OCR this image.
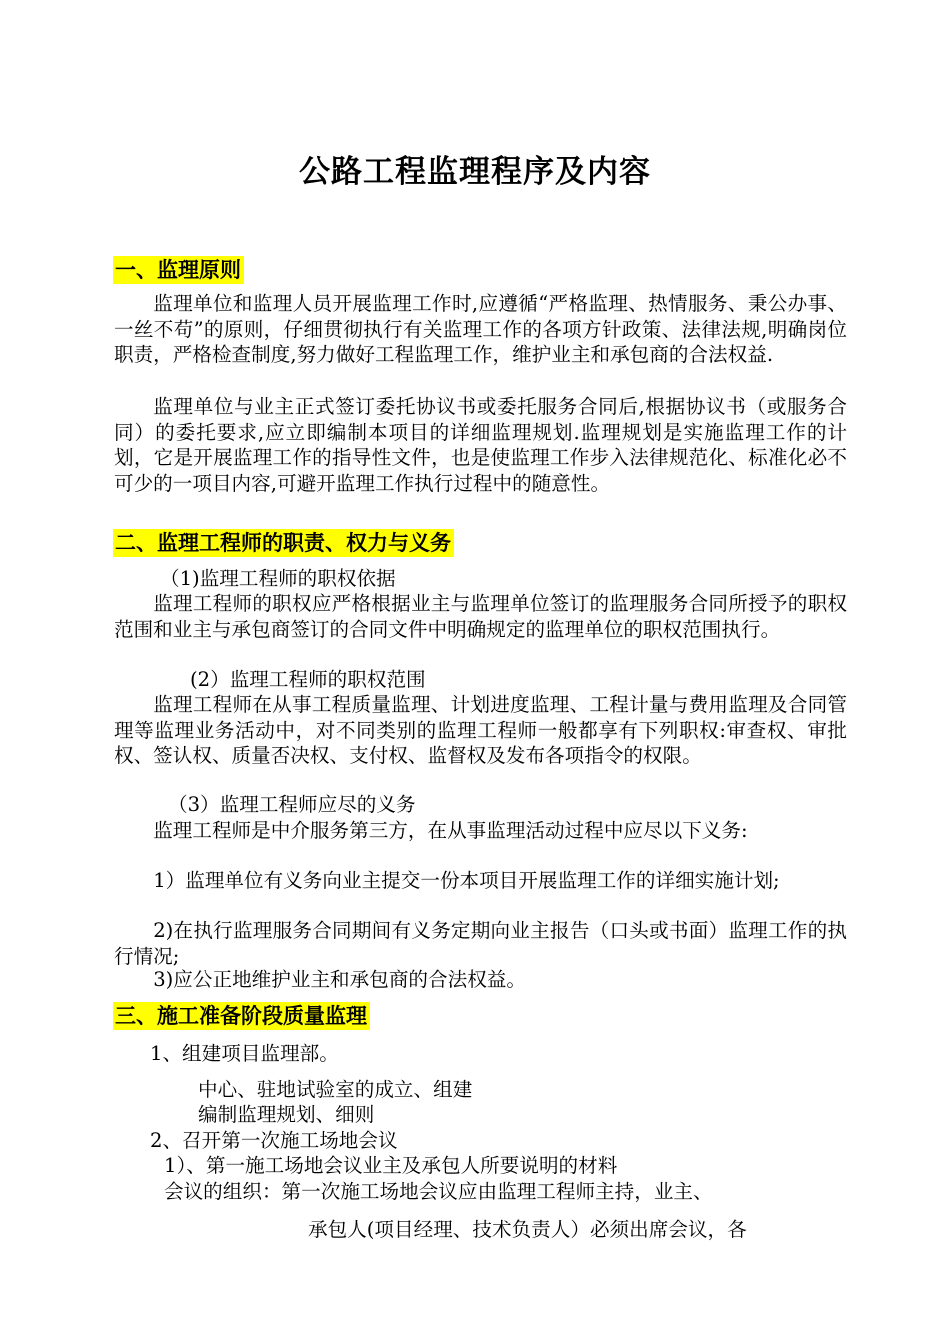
公路工程监理程序及内容
一、监理原则

监理单位和监理人员开展监理工作时,应遵循“严格监理、热情服务、秉公办事、一丝不苟”的原则，仔细贯彻执行有关监理工作的各项方针政策、法律法规,明确岗位职责，严格检查制度,努力做好工程监理工作，维护业主和承包商的合法权益.

监理单位与业主正式签订委托协议书或委托服务合同后,根据协议书（或服务合同）的委托要求,应立即编制本项目的详细监理规划.监理规划是实施监理工作的计划，它是开展监理工作的指导性文件，也是使监理工作步入法律规范化、标准化必不可少的一项目内容,可避开监理工作执行过程中的随意性。

二、监理工程师的职责、权力与义务

（1)监理工程师的职权依据

监理工程师的职权应严格根据业主与监理单位签订的监理服务合同所授予的职权范围和业主与承包商签订的合同文件中明确规定的监理单位的职权范围执行。

(2）监理工程师的职权范围

监理工程师在从事工程质量监理、计划进度监理、工程计量与费用监理及合同管理等监理业务活动中，对不同类别的监理工程师一般都享有下列职权:审查权、审批权、签认权、质量否决权、支付权、监督权及发布各项指令的权限。

（3）监理工程师应尽的义务

监理工程师是中介服务第三方，在从事监理活动过程中应尽以下义务:

1）监理单位有义务向业主提交一份本项目开展监理工作的详细实施计划;

2)在执行监理服务合同期间有义务定期向业主报告（口头或书面）监理工作的执行情况;

3)应公正地维护业主和承包商的合法权益。

三、施工准备阶段质量监理

1、组建项目监理部。

中心、驻地试验室的成立、组建

编制监理规划、细则

2、召开第一次施工场地会议

1）、第一施工场地会议业主及承包人所要说明的材料

会议的组织：第一次施工场地会议应由监理工程师主持，业主、

承包人(项目经理、技术负责人）必须出席会议，各
